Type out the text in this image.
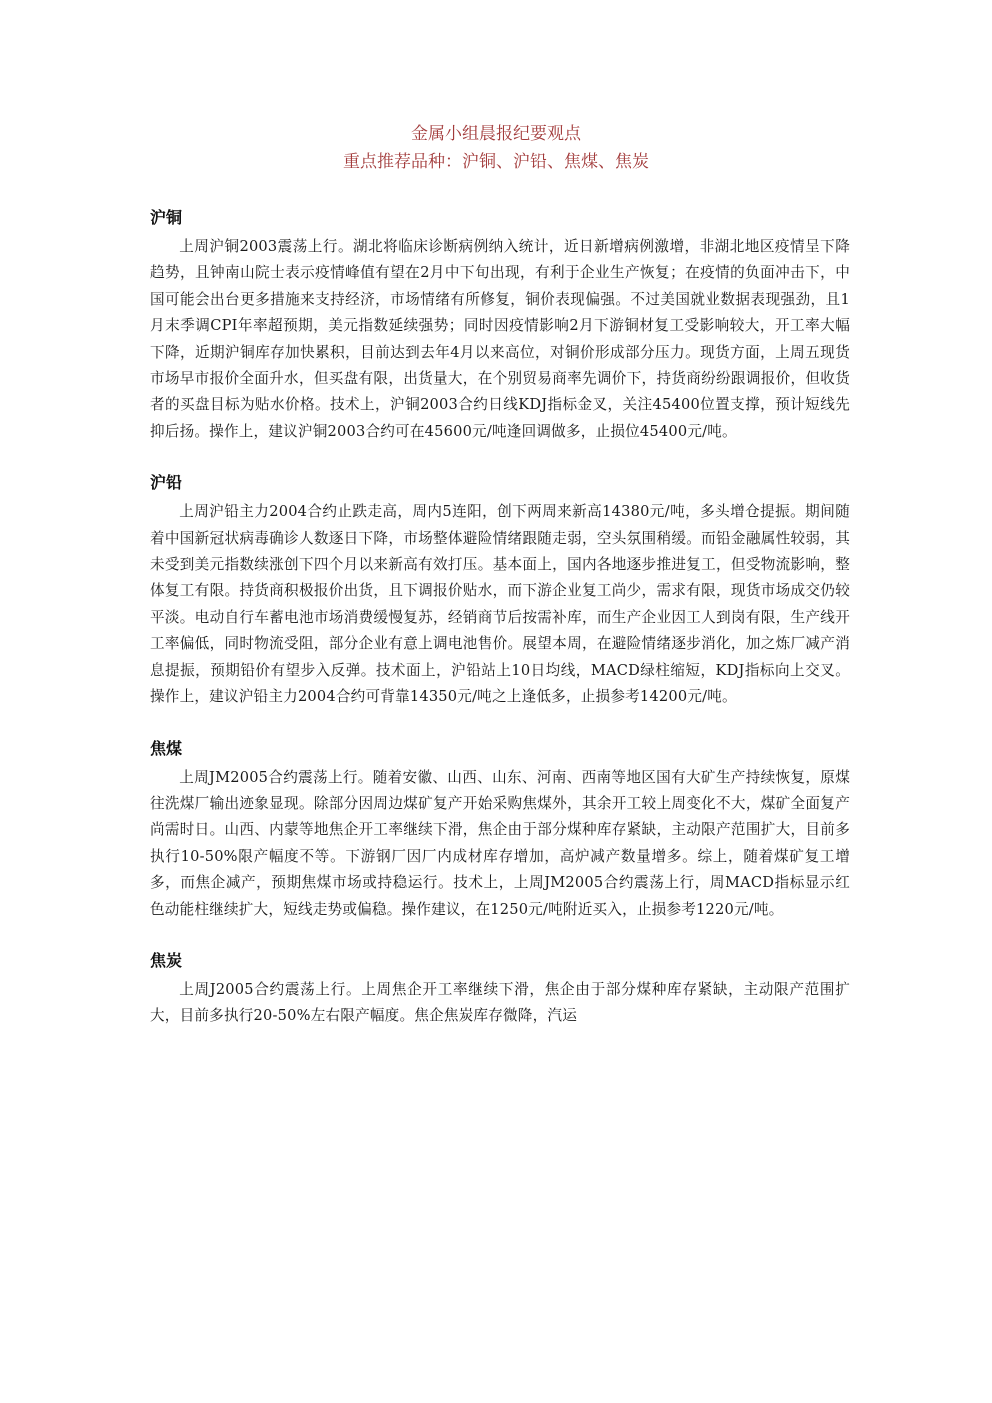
金属小组晨报纪要观点
重点推荐品种：沪铜、沪铅、焦煤、焦炭
沪铜

上周沪铜2003震荡上行。湖北将临床诊断病例纳入统计，近日新增病例激增，非湖北地区疫情呈下降趋势，且钟南山院士表示疫情峰值有望在2月中下旬出现，有利于企业生产恢复；在疫情的负面冲击下，中国可能会出台更多措施来支持经济，市场情绪有所修复，铜价表现偏强。不过美国就业数据表现强劲，且1月末季调CPI年率超预期，美元指数延续强势；同时因疫情影响2月下游铜材复工受影响较大，开工率大幅下降，近期沪铜库存加快累积，目前达到去年4月以来高位，对铜价形成部分压力。现货方面，上周五现货市场早市报价全面升水，但买盘有限，出货量大，在个别贸易商率先调价下，持货商纷纷跟调报价，但收货者的买盘目标为贴水价格。技术上，沪铜2003合约日线KDJ指标金叉，关注45400位置支撑，预计短线先抑后扬。操作上，建议沪铜2003合约可在45600元/吨逢回调做多，止损位45400元/吨。

沪铅

上周沪铅主力2004合约止跌走高，周内5连阳，创下两周来新高14380元/吨，多头增仓提振。期间随着中国新冠状病毒确诊人数逐日下降，市场整体避险情绪跟随走弱，空头氛围稍缓。而铅金融属性较弱，其未受到美元指数续涨创下四个月以来新高有效打压。基本面上，国内各地逐步推进复工，但受物流影响，整体复工有限。持货商积极报价出货，且下调报价贴水，而下游企业复工尚少，需求有限，现货市场成交仍较平淡。电动自行车蓄电池市场消费缓慢复苏，经销商节后按需补库，而生产企业因工人到岗有限，生产线开工率偏低，同时物流受阻，部分企业有意上调电池售价。展望本周，在避险情绪逐步消化，加之炼厂减产消息提振，预期铅价有望步入反弹。技术面上，沪铅站上10日均线，MACD绿柱缩短，KDJ指标向上交叉。操作上，建议沪铅主力2004合约可背靠14350元/吨之上逢低多，止损参考14200元/吨。

焦煤

上周JM2005合约震荡上行。随着安徽、山西、山东、河南、西南等地区国有大矿生产持续恢复，原煤往洗煤厂输出迹象显现。除部分因周边煤矿复产开始采购焦煤外，其余开工较上周变化不大，煤矿全面复产尚需时日。山西、内蒙等地焦企开工率继续下滑，焦企由于部分煤种库存紧缺，主动限产范围扩大，目前多执行10-50%限产幅度不等。下游钢厂因厂内成材库存增加，高炉减产数量增多。综上，随着煤矿复工增多，而焦企减产，预期焦煤市场或持稳运行。技术上，上周JM2005合约震荡上行，周MACD指标显示红色动能柱继续扩大，短线走势或偏稳。操作建议，在1250元/吨附近买入，止损参考1220元/吨。

焦炭

上周J2005合约震荡上行。上周焦企开工率继续下滑，焦企由于部分煤种库存紧缺，主动限产范围扩大，目前多执行20-50%左右限产幅度。焦企焦炭库存微降，汽运
